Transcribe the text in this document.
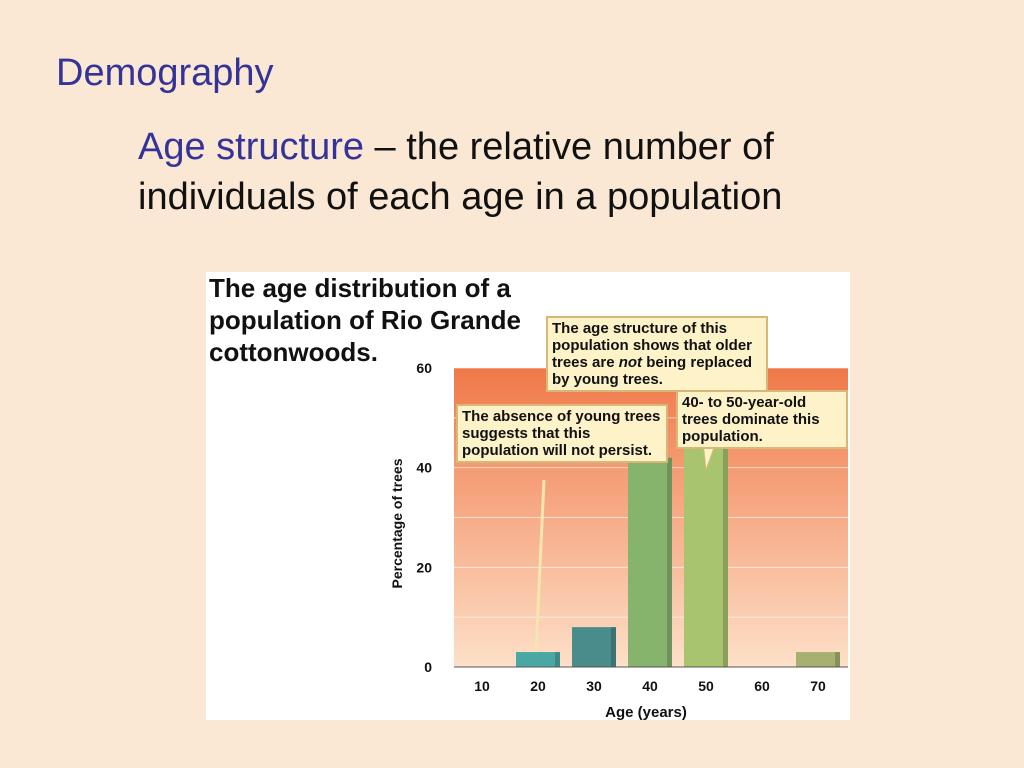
Demography
Age structure – the relative number of individuals of each age in a population
0
20
40
60
10	20	30	40	50	60	70
Percentage of trees
Age (years)
The age distribution of a population of Rio Grande cottonwoods.
The age structure of this population shows that older trees are not being replaced by young trees.
The absence of young trees suggests that this population will not persist.
40- to 50-year-old trees dominate this population.
